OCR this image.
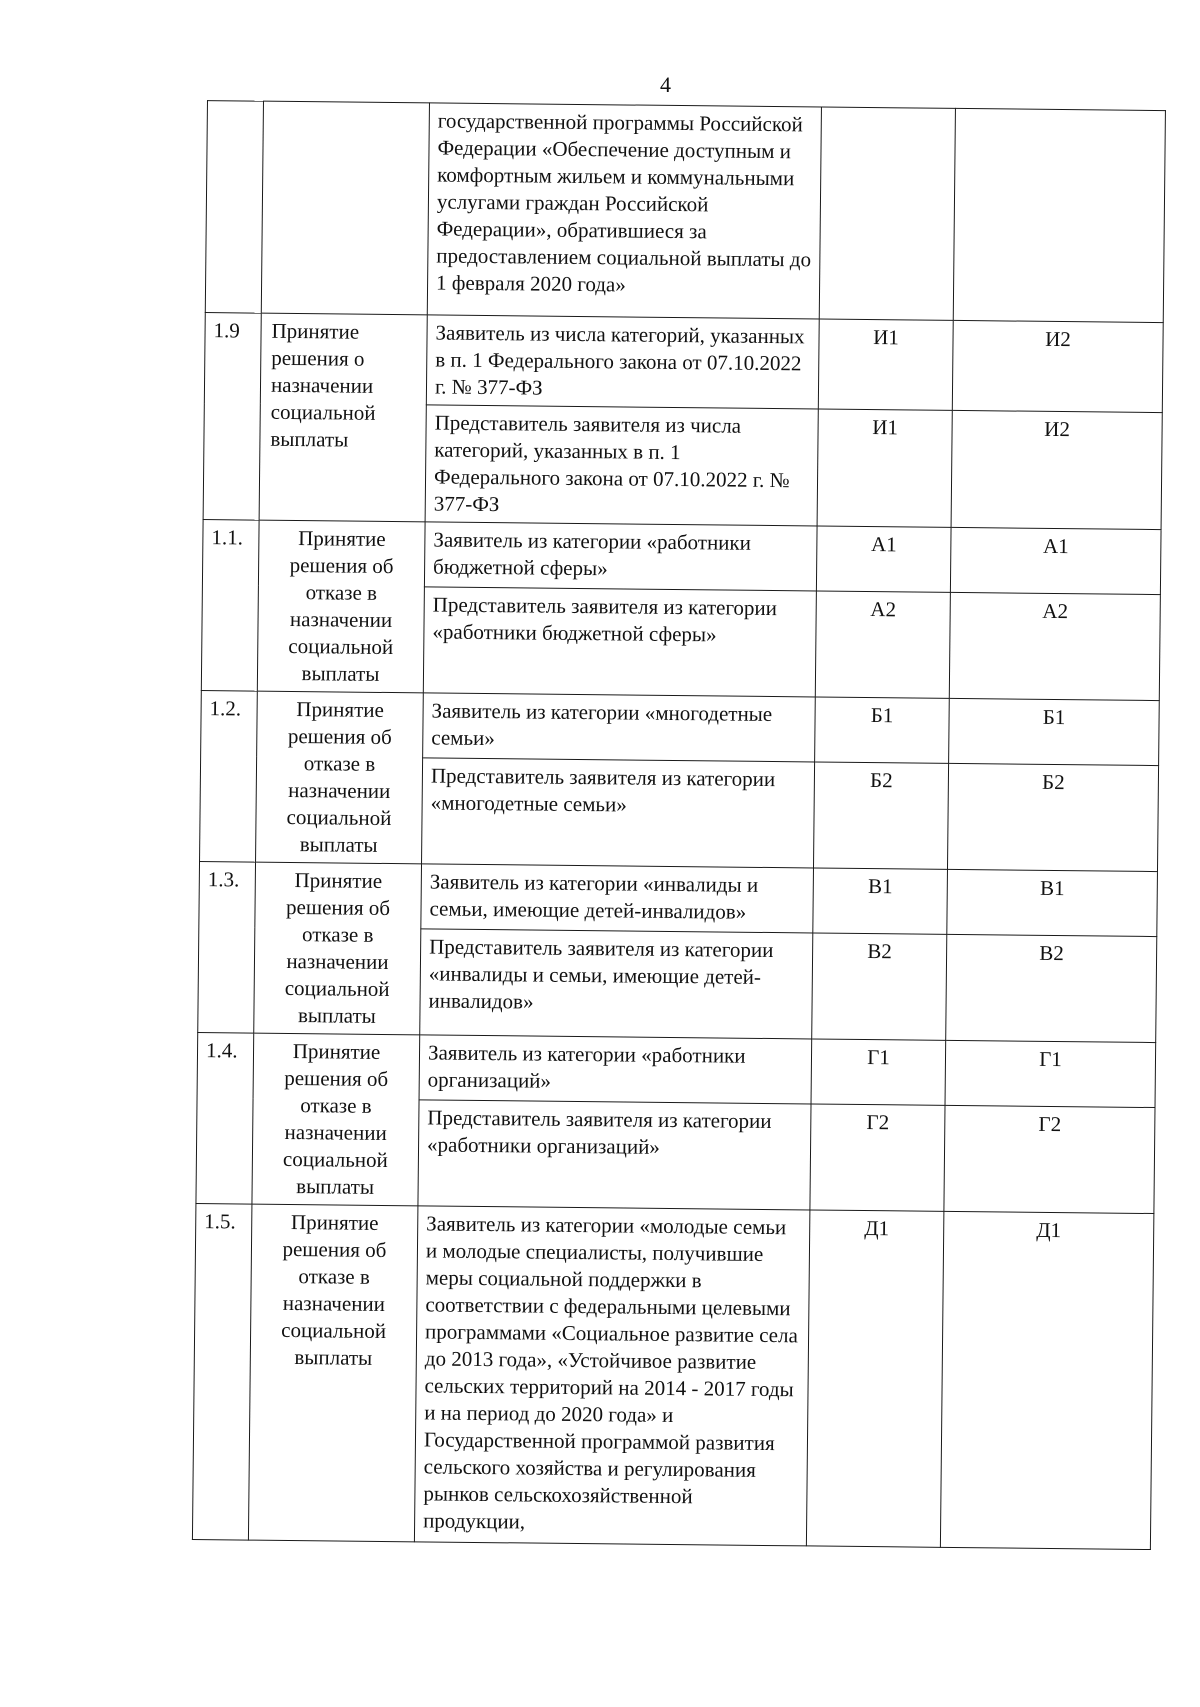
4
		государственной программы Российской Федерации «Обеспечение доступным и комфортным жильем и коммунальными услугами граждан Российской Федерации», обратившиеся за предоставлением социальной выплаты до 1 февраля 2020 года»		
1.9	Принятие решения о назначении социальной выплаты	Заявитель из числа категорий, указанных в п. 1 Федерального закона от 07.10.2022 г. № 377-ФЗ	И1	И2
		Представитель заявителя из числа категорий, указанных в п. 1 Федерального закона от 07.10.2022 г. № 377-ФЗ	И1	И2
1.1.	Принятие решения об отказе в назначении социальной выплаты	Заявитель из категории «работники бюджетной сферы»	А1	А1
		Представитель заявителя из категории «работники бюджетной сферы»	А2	А2
1.2.	Принятие решения об отказе в назначении социальной выплаты	Заявитель из категории «многодетные семьи»	Б1	Б1
		Представитель заявителя из категории «многодетные семьи»	Б2	Б2
1.3.	Принятие решения об отказе в назначении социальной выплаты	Заявитель из категории «инвалиды и семьи, имеющие детей-инвалидов»	В1	В1
		Представитель заявителя из категории «инвалиды и семьи, имеющие детей-инвалидов»	В2	В2
1.4.	Принятие решения об отказе в назначении социальной выплаты	Заявитель из категории «работники организаций»	Г1	Г1
		Представитель заявителя из категории «работники организаций»	Г2	Г2
1.5.	Принятие решения об отказе в назначении социальной выплаты	Заявитель из категории «молодые семьи и молодые специалисты, получившие меры социальной поддержки в соответствии с федеральными целевыми программами «Социальное развитие села до 2013 года», «Устойчивое развитие сельских территорий на 2014 - 2017 годы и на период до 2020 года» и Государственной программой развития сельского хозяйства и регулирования рынков сельскохозяйственной продукции,	Д1	Д1
